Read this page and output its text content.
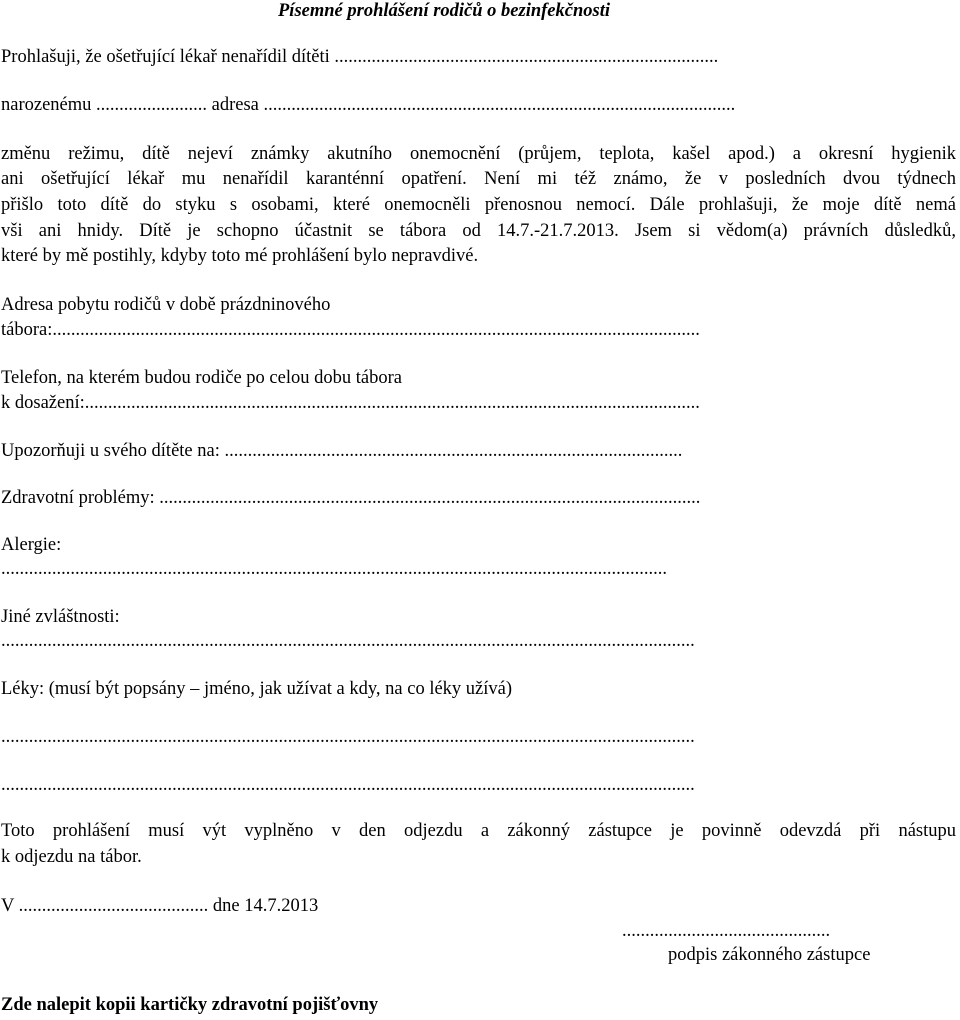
Písemné prohlášení rodičů o bezinfekčnosti
Prohlašuji, že ošetřující lékař nenařídil dítěti ...................................................................................
narozenému ........................ adresa ......................................................................................................
změnu režimu, dítě nejeví známky akutního onemocnění (průjem, teplota, kašel apod.) a okresní hygienik
ani ošetřující lékař mu nenařídil karanténní opatření. Není mi též známo, že v posledních dvou týdnech
přišlo toto dítě do styku s osobami, které onemocněli přenosnou nemocí. Dále prohlašuji, že moje dítě nemá
vši ani hnidy. Dítě je schopno účastnit se tábora od 14.7.-21.7.2013. Jsem si vědom(a) právních důsledků,
které by mě postihly, kdyby toto mé prohlášení bylo nepravdivé.
Adresa pobytu rodičů v době prázdninového
tábora:............................................................................................................................................
Telefon, na kterém budou rodiče po celou dobu tábora
k dosažení:.....................................................................................................................................
Upozorňuji u svého dítěte na: ...................................................................................................
Zdravotní problémy: .....................................................................................................................
Alergie:
................................................................................................................................................
Jiné zvláštnosti:
......................................................................................................................................................
Léky: (musí být popsány – jméno, jak užívat a kdy, na co léky užívá)
......................................................................................................................................................
......................................................................................................................................................
Toto prohlášení musí výt vyplněno v den odjezdu a zákonný zástupce je povinně odevzdá při nástupu
k odjezdu na tábor.
V ......................................... dne 14.7.2013
.............................................
podpis zákonného zástupce
Zde nalepit kopii kartičky zdravotní pojišťovny
